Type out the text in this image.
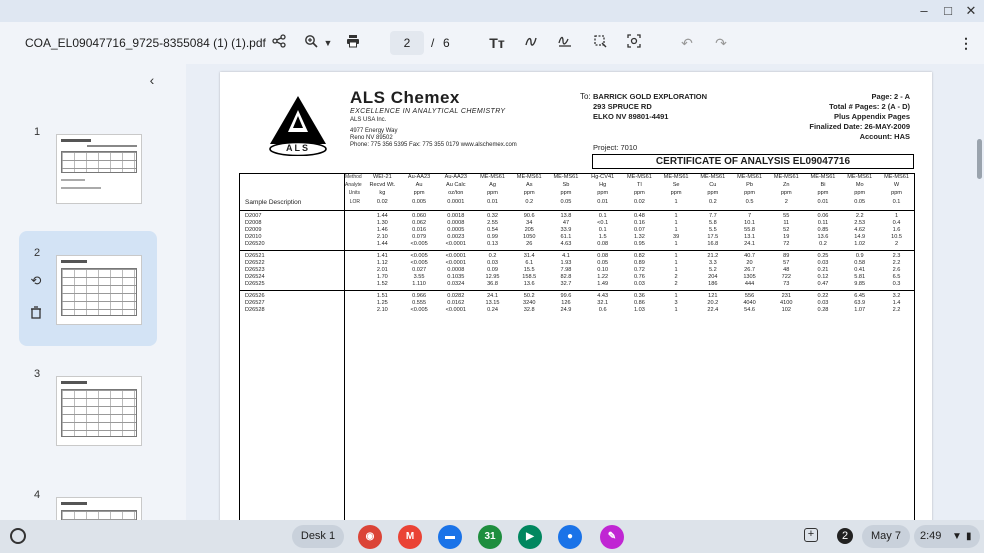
–	□	✕
COA_EL09047716_9725-8355084 (1) (1).pdf	▼	2	/ 6	Tт	↶	↷	⋮
‹
1
2
⟲
3
4
ALS
ALS Chemex
EXCELLENCE IN ANALYTICAL CHEMISTRY
ALS USA Inc.
4977 Energy Way
Reno NV 89502
Phone: 775 356 5395 Fax: 775 355 0179 www.alschemex.com
To: BARRICK GOLD EXPLORATION
293 SPRUCE RD
ELKO NV 89801-4491
Project: 7010
Page: 2 - A
Total # Pages: 2 (A - D)
Plus Appendix Pages
Finalized Date: 26-MAY-2009
Account: HAS
CERTIFICATE OF ANALYSIS EL09047716
	Method	WEI-21	Au-AA23	Au-AA23	ME-MS61	ME-MS61	ME-MS61	Hg-CV41	ME-MS61	ME-MS61	ME-MS61	ME-MS61	ME-MS61	ME-MS61	ME-MS61	ME-MS61
	Analyte	Recvd Wt.	Au	Au Calc	Ag	As	Sb	Hg	Tl	Se	Cu	Pb	Zn	Bi	Mo	W
	Units	kg	ppm	oz/ton	ppm	ppm	ppm	ppm	ppm	ppm	ppm	ppm	ppm	ppm	ppm	ppm
Sample Description	LOR	0.02	0.005	0.0001	0.01	0.2	0.05	0.01	0.02	1	0.2	0.5	2	0.01	0.05	0.1

D2007		1.44	0.060	0.0018	0.32	90.6	13.8	0.1	0.48	1	7.7	7	55	0.06	2.2	1
D2008		1.30	0.062	0.0008	2.55	34	47	<0.1	0.16	1	5.8	10.1	11	0.11	2.53	0.4
D2009		1.46	0.016	0.0005	0.54	205	33.9	0.1	0.07	1	5.5	55.8	52	0.85	4.62	1.6
D2010		2.10	0.079	0.0023	0.99	1050	61.1	1.5	1.32	39	17.5	13.1	19	13.6	14.9	10.5
D26520		1.44	<0.005	<0.0001	0.13	26	4.63	0.08	0.95	1	16.8	24.1	72	0.2	1.02	2

D26521		1.41	<0.005	<0.0001	0.2	31.4	4.1	0.08	0.82	1	21.2	40.7	89	0.25	0.9	2.3
D26522		1.12	<0.005	<0.0001	0.03	6.1	1.93	0.05	0.89	1	3.3	20	57	0.03	0.58	2.2
D26523		2.01	0.027	0.0008	0.09	15.5	7.98	0.10	0.72	1	5.2	26.7	48	0.21	0.41	2.6
D26524		1.70	3.55	0.1035	12.95	158.5	82.8	1.22	0.76	2	204	1305	722	0.12	5.81	6.5
D26525		1.52	1.110	0.0324	36.8	13.6	32.7	1.49	0.03	2	186	444	73	0.47	9.85	0.3

D26526		1.51	0.966	0.0282	24.1	50.2	99.6	4.43	0.36	1	121	556	231	0.22	6.45	3.2
D26527		1.25	0.555	0.0162	13.15	3240	126	32.1	0.86	3	20.2	4040	4100	0.03	63.9	1.4
D26528		2.10	<0.005	<0.0001	0.24	32.8	24.9	0.6	1.03	1	22.4	54.6	102	0.28	1.07	2.2
Desk 1	◉	M	▬	31	▶	●	✎	+	2	May 7	2:49 ▼ ▮
